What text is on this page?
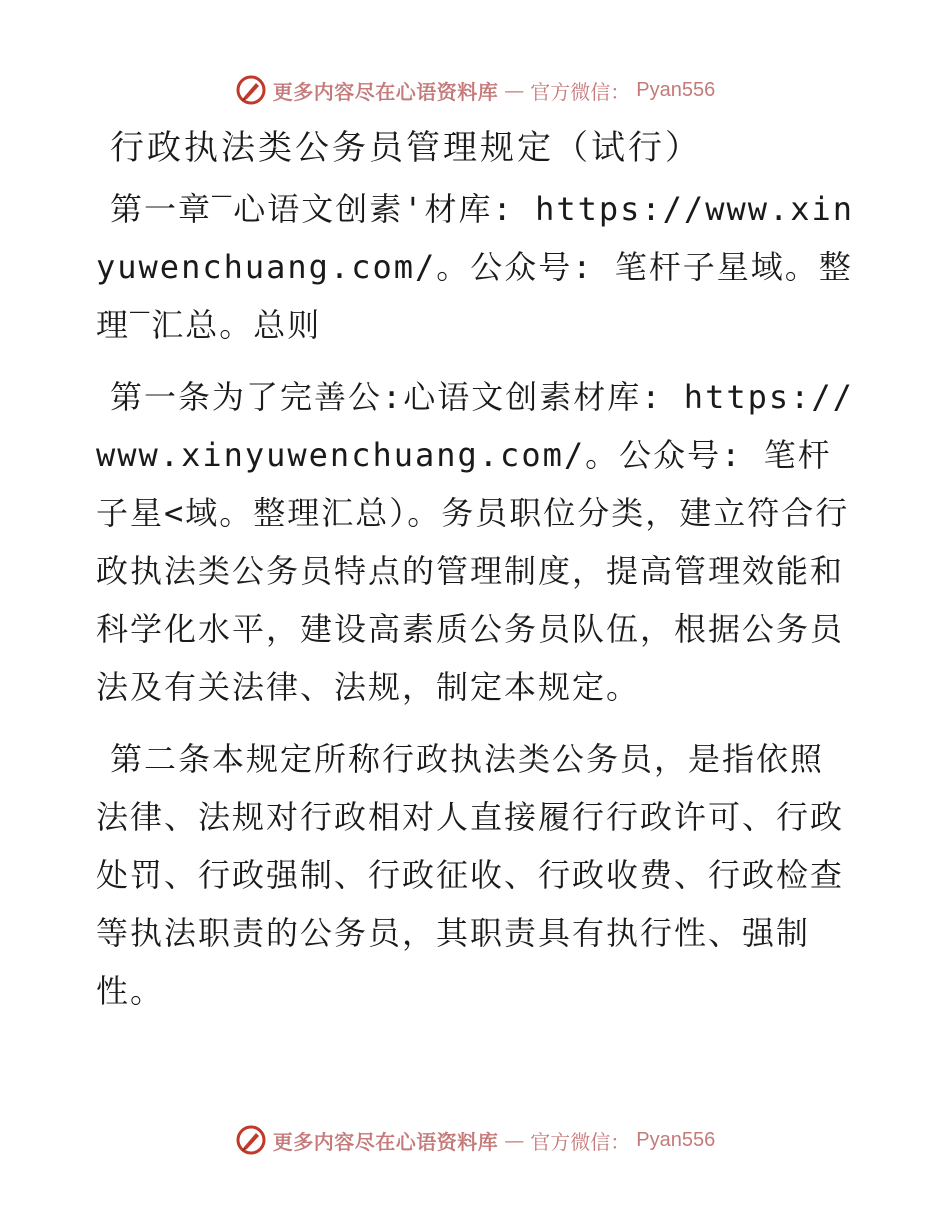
更多内容尽在心语资料库 — 官方微信： Pyan556
行政执法类公务员管理规定（试行）

第一章‾心语文创素'材库: https://www.xinyuwenchuang.com/。公众号: 笔杆子星域。整理‾汇总。总则

第一条为了完善公:心语文创素材库: https://www.xinyuwenchuang.com/。公众号: 笔杆子星<域。整理汇总）。务员职位分类，建立符合行政执法类公务员特点的管理制度，提高管理效能和科学化水平，建设高素质公务员队伍，根据公务员法及有关法律、法规，制定本规定。

第二条本规定所称行政执法类公务员，是指依照法律、法规对行政相对人直接履行行政许可、行政处罚、行政强制、行政征收、行政收费、行政检查等执法职责的公务员，其职责具有执行性、强制性。

更多内容尽在心语资料库 — 官方微信： Pyan556
